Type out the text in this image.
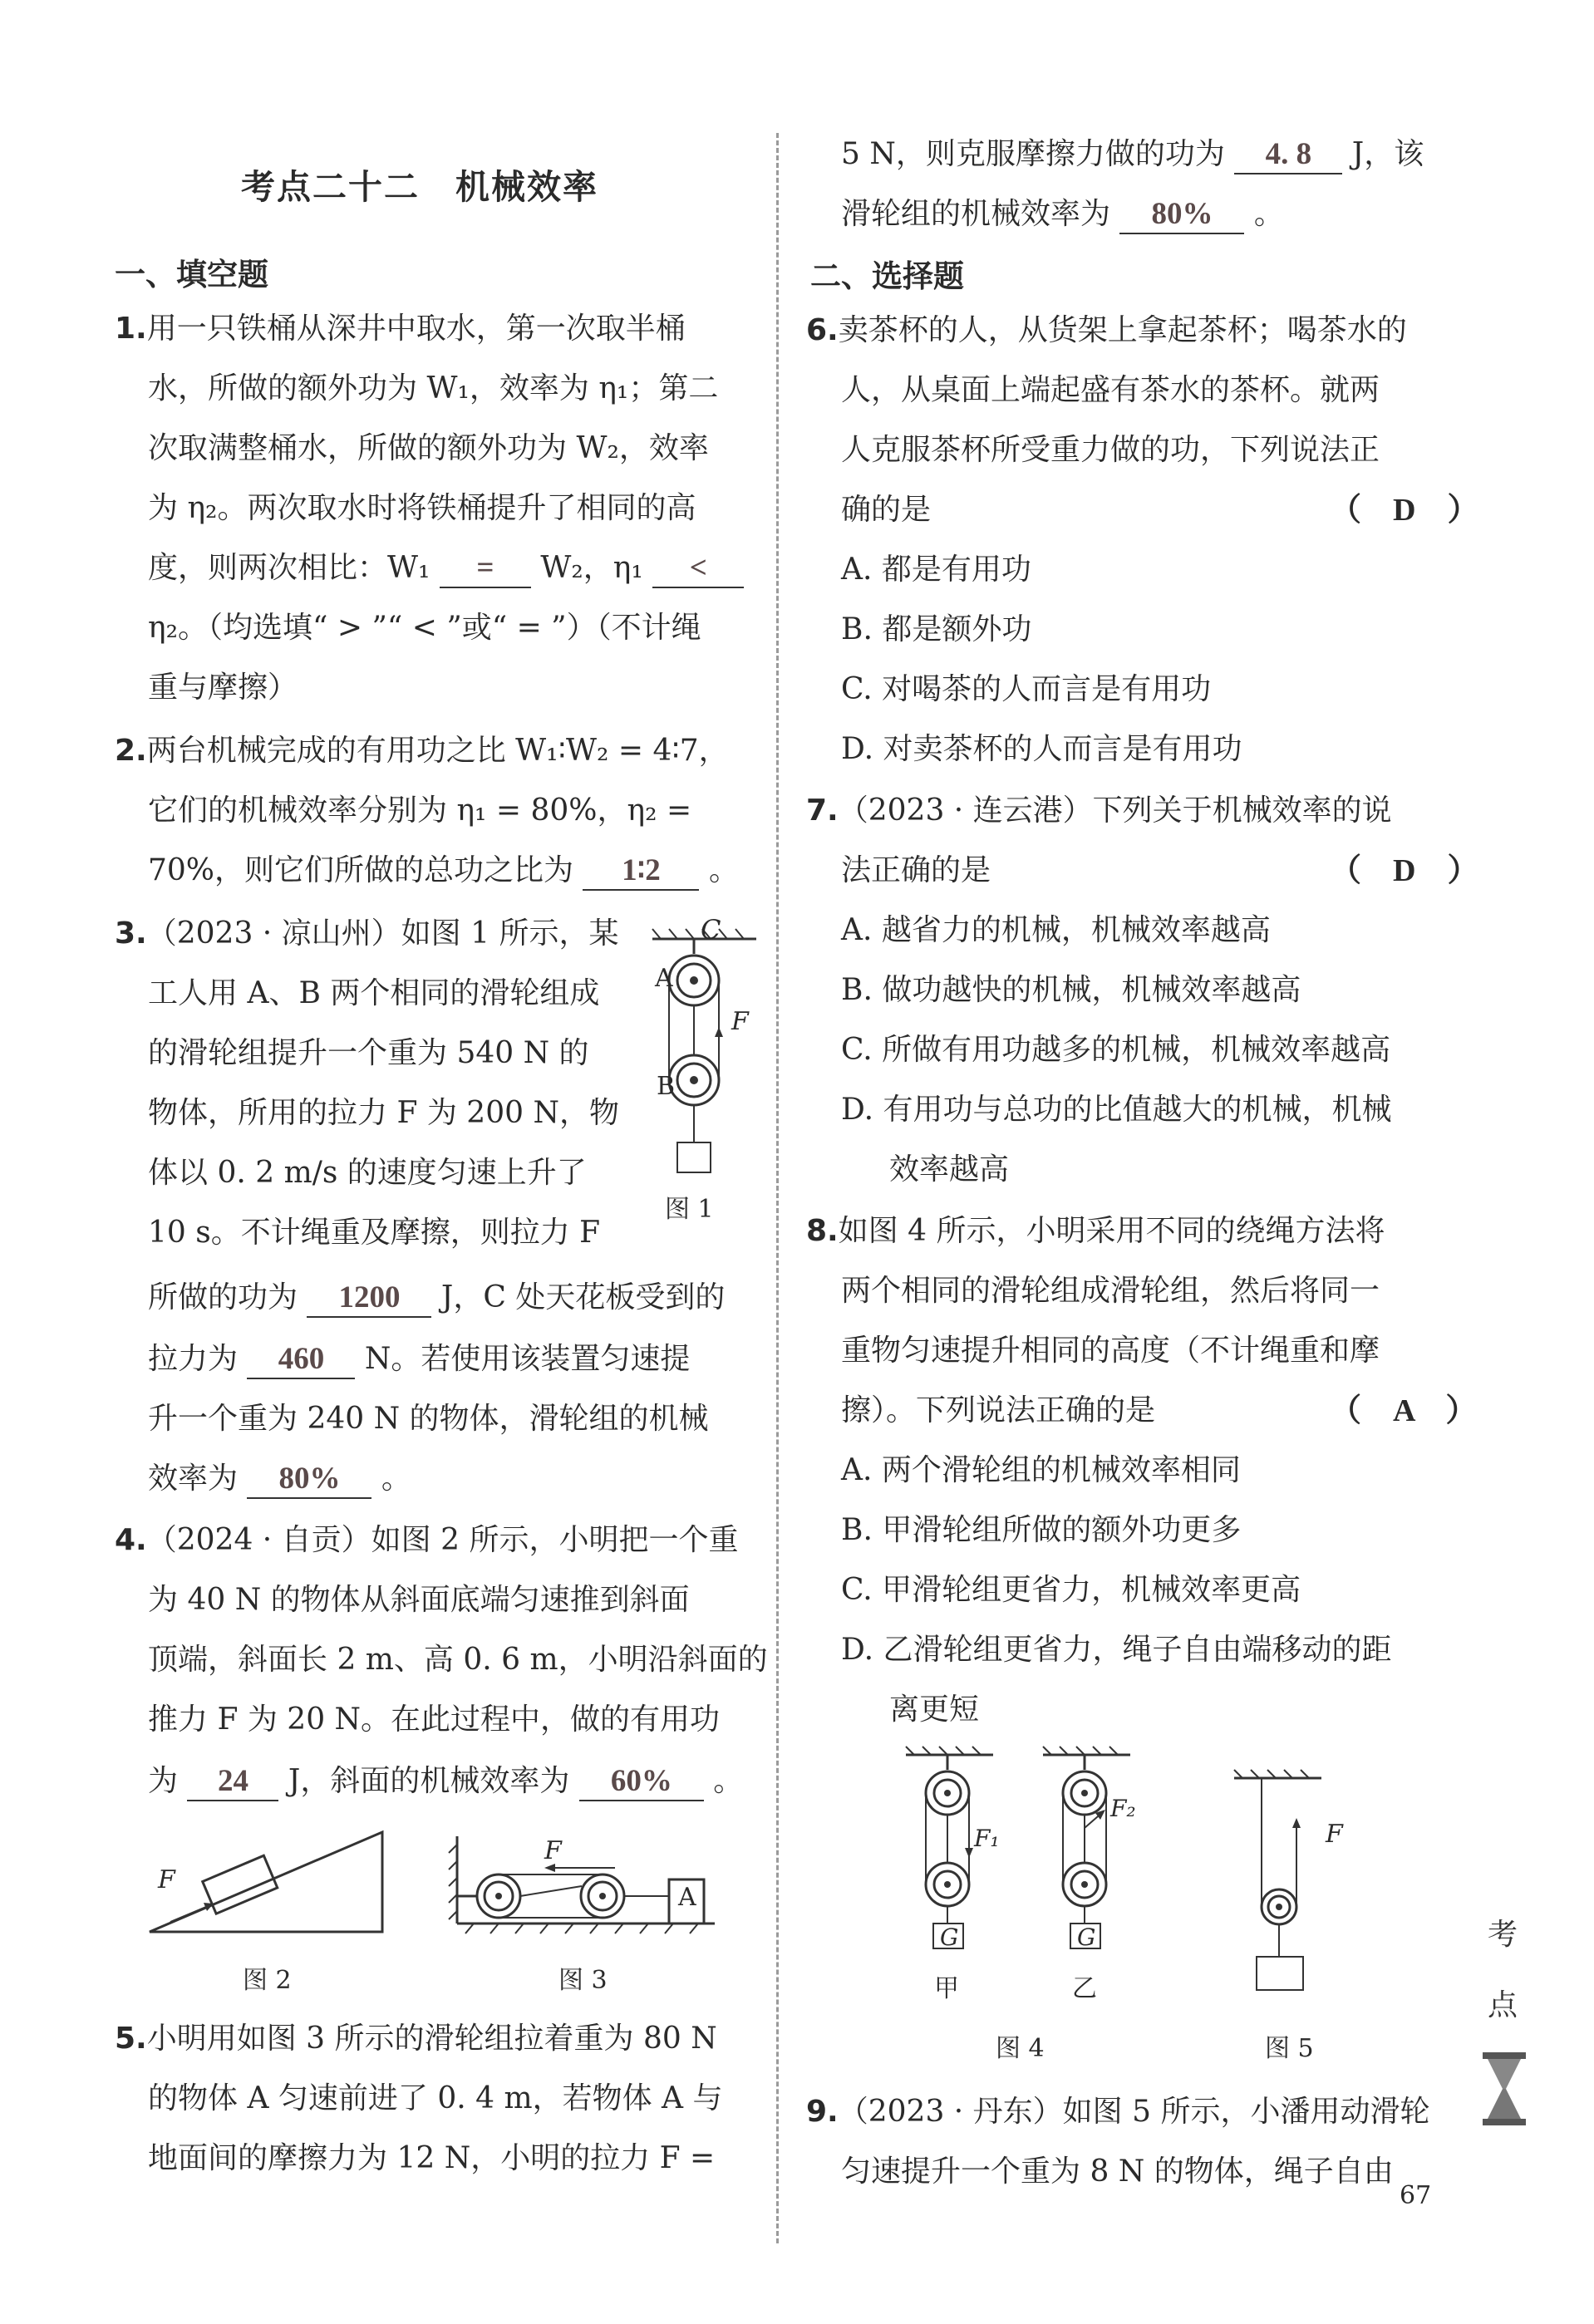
考点二十二　机械效率
一、填空题
1.用一只铁桶从深井中取水，第一次取半桶
水，所做的额外功为 W₁，效率为 η₁；第二
次取满整桶水，所做的额外功为 W₂，效率
为 η₂。两次取水时将铁桶提升了相同的高
度，则两次相比：W₁ = W₂，η₁ <
η₂。（均选填“ > ”“ < ”或“ = ”）（不计绳
重与摩擦）
2.两台机械完成的有用功之比 W₁∶W₂ = 4∶7，
它们的机械效率分别为 η₁ = 80%，η₂ =
70%，则它们所做的总功之比为 1∶2 。
3.（2023 · 凉山州）如图 1 所示，某
工人用 A、B 两个相同的滑轮组成
的滑轮组提升一个重为 540 N 的
物体，所用的拉力 F 为 200 N，物
体以 0. 2 m/s 的速度匀速上升了
10 s。不计绳重及摩擦，则拉力 F
所做的功为 1200 J，C 处天花板受到的
拉力为 460 N。若使用该装置匀速提
升一个重为 240 N 的物体，滑轮组的机械
效率为 80% 。
C
A
B
F
图 1
4.（2024 · 自贡）如图 2 所示，小明把一个重
为 40 N 的物体从斜面底端匀速推到斜面
顶端，斜面长 2 m、高 0. 6 m，小明沿斜面的
推力 F 为 20 N。在此过程中，做的有用功
为 24 J，斜面的机械效率为 60% 。
F
图 2
F
A
图 3
5.小明用如图 3 所示的滑轮组拉着重为 80 N
的物体 A 匀速前进了 0. 4 m，若物体 A 与
地面间的摩擦力为 12 N，小明的拉力 F =
5 N，则克服摩擦力做的功为 4. 8 J，该
滑轮组的机械效率为 80% 。
二、选择题
6.卖茶杯的人，从货架上拿起茶杯；喝茶水的
人，从桌面上端起盛有茶水的茶杯。就两
人克服茶杯所受重力做的功，下列说法正
确的是	（　D　）
A. 都是有用功
B. 都是额外功
C. 对喝茶的人而言是有用功
D. 对卖茶杯的人而言是有用功
7.（2023 · 连云港）下列关于机械效率的说
法正确的是	（　D　）
A. 越省力的机械，机械效率越高
B. 做功越快的机械，机械效率越高
C. 所做有用功越多的机械，机械效率越高
D. 有用功与总功的比值越大的机械，机械
效率越高
8.如图 4 所示，小明采用不同的绕绳方法将
两个相同的滑轮组成滑轮组，然后将同一
重物匀速提升相同的高度（不计绳重和摩
擦）。下列说法正确的是	（　A　）
A. 两个滑轮组的机械效率相同
B. 甲滑轮组所做的额外功更多
C. 甲滑轮组更省力，机械效率更高
D. 乙滑轮组更省力，绳子自由端移动的距
离更短
G	G
F₁
F₂
甲	乙
图 4
F
图 5
9.（2023 · 丹东）如图 5 所示，小潘用动滑轮
匀速提升一个重为 8 N 的物体，绳子自由
考
点
67
